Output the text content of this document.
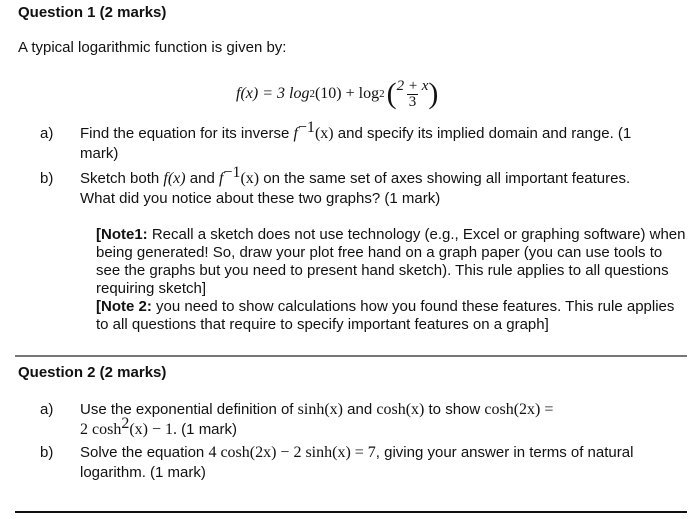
Question 1 (2 marks)
A typical logarithmic function is given by:
f(x) = 3 log 2 (10) + log 2 ( $\frac{2 + x}{3}$ )
a) Find the equation for its inverse $f^{-1}(x)$ and specify its implied domain and range. (1
mark)
b) Sketch both f(x) and $f^{-1}(x)$ on the same set of axes showing all important features.
What did you notice about these two graphs? (1 mark)
[Note1: Recall a sketch does not use technology (e.g., Excel or graphing software) when being generated! So, draw your plot free hand on a graph paper (you can use tools to see the graphs but you need to present hand sketch). This rule applies to all questions requiring sketch]
[Note 2: you need to show calculations how you found these features. This rule applies to all questions that require to specify important features on a graph]
Question 2 (2 marks)
a) Use the exponential definition of sinh(x) and cosh(x) to show cosh(2x) =
2 $\cosh^2(x) - 1$. (1 mark)
b) Solve the equation 4 cosh(2x) − 2 sinh(x) = 7, giving your answer in terms of natural
logarithm. (1 mark)
